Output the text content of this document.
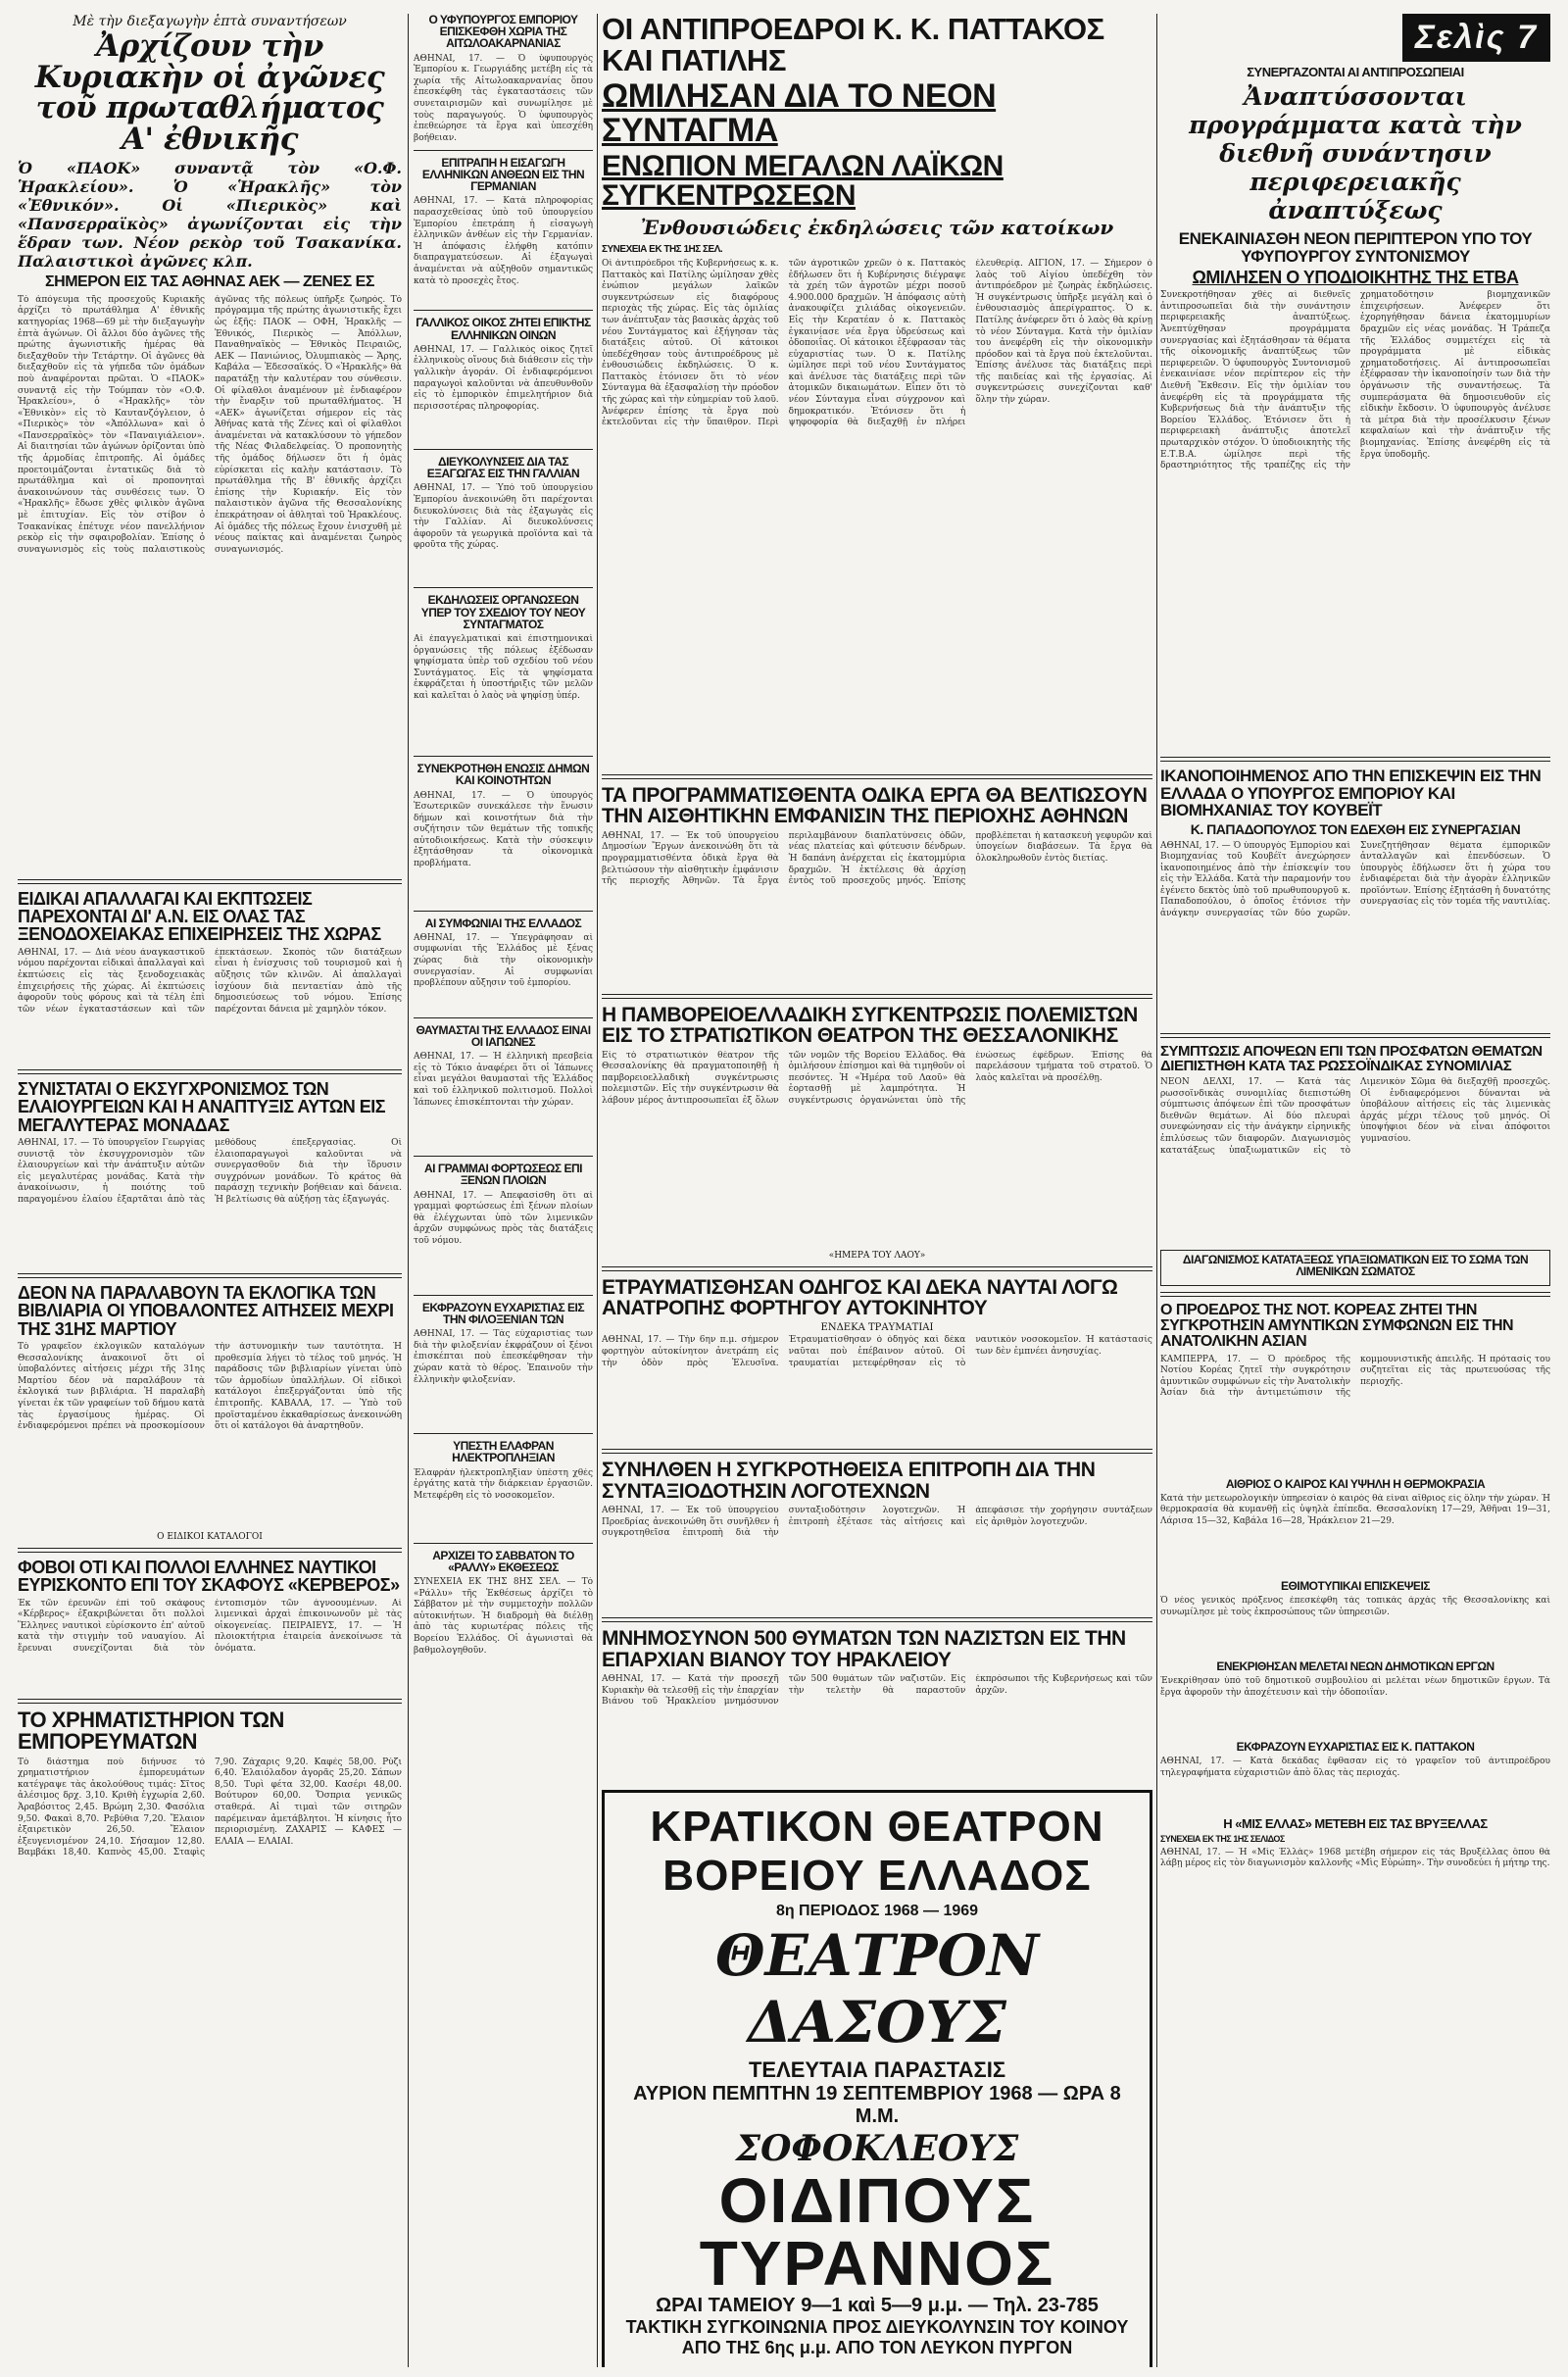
Μὲ τὴν διεξαγωγὴν ἑπτὰ συναντήσεων

Ἀρχίζουν τὴν Κυριακὴν οἱ ἀγῶνες τοῦ πρωταθλήματος Α' ἐθνικῆς
Ὁ «ΠΑΟΚ» συναντᾷ τὸν «Ο.Φ. Ἡρακλείου». Ὁ «Ἡρακλῆς» τὸν «Ἐθνικόν». Οἱ «Πιερικὸς» καὶ «Πανσερραϊκὸς» ἀγωνίζονται εἰς τὴν ἕδραν των. Νέον ρεκὸρ τοῦ Τσακανίκα. Παλαιστικοὶ ἀγῶνες κλπ.
ΣΗΜΕΡΟΝ ΕΙΣ ΤΑΣ ΑΘΗΝΑΣ ΑΕΚ — ΖΕΝΕΣ ΕΣ
Τὸ ἀπόγευμα τῆς προσεχοῦς Κυριακῆς ἀρχίζει τὸ πρωτάθλημα Α' ἐθνικῆς κατηγορίας 1968—69 μὲ τὴν διεξαγωγὴν ἑπτὰ ἀγώνων. Οἱ ἄλλοι δύο ἀγῶνες τῆς πρώτης ἀγωνιστικῆς ἡμέρας θὰ διεξαχθοῦν τὴν Τετάρτην. Οἱ ἀγῶνες θὰ διεξαχθοῦν εἰς τὰ γήπεδα τῶν ὁμάδων ποὺ ἀναφέρονται πρῶται. Ὁ «ΠΑΟΚ» συναντᾷ εἰς τὴν Τούμπαν τὸν «Ο.Φ. Ἡρακλείου», ὁ «Ἡρακλῆς» τὸν «Ἐθνικὸν» εἰς τὸ Καυτανζόγλειον, ὁ «Πιερικὸς» τὸν «Ἀπόλλωνα» καὶ ὁ «Πανσερραϊκὸς» τὸν «Παναιγιάλειον». Αἱ διαιτησίαι τῶν ἀγώνων ὁρίζονται ὑπὸ τῆς ἁρμοδίας ἐπιτροπῆς. Αἱ ὁμάδες προετοιμάζονται ἐντατικῶς διὰ τὸ πρωτάθλημα καὶ οἱ προπονηταὶ ἀνακοινώνουν τὰς συνθέσεις των. Ὁ «Ἡρακλῆς» ἔδωσε χθὲς φιλικὸν ἀγῶνα μὲ ἐπιτυχίαν. Εἰς τὸν στίβον ὁ Τσακανίκας ἐπέτυχε νέον πανελλήνιον ρεκὸρ εἰς τὴν σφαιροβολίαν. Ἐπίσης ὁ συναγωνισμὸς εἰς τοὺς παλαιστικοὺς ἀγῶνας τῆς πόλεως ὑπῆρξε ζωηρός. Τὸ πρόγραμμα τῆς πρώτης ἀγωνιστικῆς ἔχει ὡς ἑξῆς: ΠΑΟΚ — ΟΦΗ, Ἡρακλῆς — Ἐθνικός, Πιερικὸς — Ἀπόλλων, Παναθηναϊκὸς — Ἐθνικὸς Πειραιῶς, ΑΕΚ — Πανιώνιος, Ὀλυμπιακὸς — Ἄρης, Καβάλα — Ἐδεσσαϊκός. Ὁ «Ἡρακλῆς» θὰ παρατάξῃ τὴν καλυτέραν του σύνθεσιν. Οἱ φίλαθλοι ἀναμένουν μὲ ἐνδιαφέρον τὴν ἔναρξιν τοῦ πρωταθλήματος. Ἡ «ΑΕΚ» ἀγωνίζεται σήμερον εἰς τὰς Ἀθήνας κατὰ τῆς Ζένες καὶ οἱ φίλαθλοι ἀναμένεται νὰ κατακλύσουν τὸ γήπεδον τῆς Νέας Φιλαδελφείας. Ὁ προπονητὴς τῆς ὁμάδος δήλωσεν ὅτι ἡ ὁμὰς εὑρίσκεται εἰς καλὴν κατάστασιν. Τὸ πρωτάθλημα τῆς Β' ἐθνικῆς ἀρχίζει ἐπίσης τὴν Κυριακήν. Εἰς τὸν παλαιστικὸν ἀγῶνα τῆς Θεσσαλονίκης ἐπεκράτησαν οἱ ἀθληταὶ τοῦ Ἡρακλέους. Αἱ ὁμάδες τῆς πόλεως ἔχουν ἐνισχυθῆ μὲ νέους παίκτας καὶ ἀναμένεται ζωηρὸς συναγωνισμός.
ΕΙΔΙΚΑΙ ΑΠΑΛΛΑΓΑΙ ΚΑΙ ΕΚΠΤΩΣΕΙΣ ΠΑΡΕΧΟΝΤΑΙ ΔΙ' Α.Ν. ΕΙΣ ΟΛΑΣ ΤΑΣ ΞΕΝΟΔΟΧΕΙΑΚΑΣ ΕΠΙΧΕΙΡΗΣΕΙΣ ΤΗΣ ΧΩΡΑΣ
ΑΘΗΝΑΙ, 17. — Διὰ νέου ἀναγκαστικοῦ νόμου παρέχονται εἰδικαὶ ἀπαλλαγαὶ καὶ ἐκπτώσεις εἰς τὰς ξενοδοχειακὰς ἐπιχειρήσεις τῆς χώρας. Αἱ ἐκπτώσεις ἀφοροῦν τοὺς φόρους καὶ τὰ τέλη ἐπὶ τῶν νέων ἐγκαταστάσεων καὶ τῶν ἐπεκτάσεων. Σκοπὸς τῶν διατάξεων εἶναι ἡ ἐνίσχυσις τοῦ τουρισμοῦ καὶ ἡ αὔξησις τῶν κλινῶν. Αἱ ἀπαλλαγαὶ ἰσχύουν διὰ πενταετίαν ἀπὸ τῆς δημοσιεύσεως τοῦ νόμου. Ἐπίσης παρέχονται δάνεια μὲ χαμηλὸν τόκον.
ΣΥΝΙΣΤΑΤΑΙ Ο ΕΚΣΥΓΧΡΟΝΙΣΜΟΣ ΤΩΝ ΕΛΑΙΟΥΡΓΕΙΩΝ ΚΑΙ Η ΑΝΑΠΤΥΞΙΣ ΑΥΤΩΝ ΕΙΣ ΜΕΓΑΛΥΤΕΡΑΣ ΜΟΝΑΔΑΣ
ΑΘΗΝΑΙ, 17. — Τὸ ὑπουργεῖον Γεωργίας συνιστᾷ τὸν ἐκσυγχρονισμὸν τῶν ἐλαιουργείων καὶ τὴν ἀνάπτυξιν αὐτῶν εἰς μεγαλυτέρας μονάδας. Κατὰ τὴν ἀνακοίνωσιν, ἡ ποιότης τοῦ παραγομένου ἐλαίου ἐξαρτᾶται ἀπὸ τὰς μεθόδους ἐπεξεργασίας. Οἱ ἐλαιοπαραγωγοὶ καλοῦνται νὰ συνεργασθοῦν διὰ τὴν ἵδρυσιν συγχρόνων μονάδων. Τὸ κράτος θὰ παράσχῃ τεχνικὴν βοήθειαν καὶ δάνεια. Ἡ βελτίωσις θὰ αὐξήσῃ τὰς ἐξαγωγάς.
ΔΕΟΝ ΝΑ ΠΑΡΑΛΑΒΟΥΝ ΤΑ ΕΚΛΟΓΙΚΑ ΤΩΝ ΒΙΒΛΙΑΡΙΑ ΟΙ ΥΠΟΒΑΛΟΝΤΕΣ ΑΙΤΗΣΕΙΣ ΜΕΧΡΙ ΤΗΣ 31ΗΣ ΜΑΡΤΙΟΥ
Τὸ γραφεῖον ἐκλογικῶν καταλόγων Θεσσαλονίκης ἀνακοινοῖ ὅτι οἱ ὑποβαλόντες αἰτήσεις μέχρι τῆς 31ης Μαρτίου δέον νὰ παραλάβουν τὰ ἐκλογικά των βιβλιάρια. Ἡ παραλαβὴ γίνεται ἐκ τῶν γραφείων τοῦ δήμου κατὰ τὰς ἐργασίμους ἡμέρας. Οἱ ἐνδιαφερόμενοι πρέπει νὰ προσκομίσουν τὴν ἀστυνομικήν των ταυτότητα. Ἡ προθεσμία λήγει τὸ τέλος τοῦ μηνός. Ἡ παράδοσις τῶν βιβλιαρίων γίνεται ὑπὸ τῶν ἁρμοδίων ὑπαλλήλων. Οἱ εἰδικοὶ κατάλογοι ἐπεξεργάζονται ὑπὸ τῆς ἐπιτροπῆς. ΚΑΒΑΛΑ, 17. — Ὑπὸ τοῦ προϊσταμένου ἐκκαθαρίσεως ἀνεκοινώθη ὅτι οἱ κατάλογοι θὰ ἀναρτηθοῦν.
Ο ΕΙΔΙΚΟΙ ΚΑΤΑΛΟΓΟΙ
ΦΟΒΟΙ ΟΤΙ ΚΑΙ ΠΟΛΛΟΙ ΕΛΛΗΝΕΣ ΝΑΥΤΙΚΟΙ ΕΥΡΙΣΚΟΝΤΟ ΕΠΙ ΤΟΥ ΣΚΑΦΟΥΣ «ΚΕΡΒΕΡΟΣ»
Ἐκ τῶν ἐρευνῶν ἐπὶ τοῦ σκάφους «Κέρβερος» ἐξακριβώνεται ὅτι πολλοὶ Ἕλληνες ναυτικοὶ εὑρίσκοντο ἐπ' αὐτοῦ κατὰ τὴν στιγμὴν τοῦ ναυαγίου. Αἱ ἔρευναι συνεχίζονται διὰ τὸν ἐντοπισμὸν τῶν ἀγνοουμένων. Αἱ λιμενικαὶ ἀρχαὶ ἐπικοινωνοῦν μὲ τὰς οἰκογενείας. ΠΕΙΡΑΙΕΥΣ, 17. — Ἡ πλοιοκτήτρια ἑταιρεία ἀνεκοίνωσε τὰ ὀνόματα.
ΤΟ ΧΡΗΜΑΤΙΣΤΗΡΙΟΝ ΤΩΝ ΕΜΠΟΡΕΥΜΑΤΩΝ
Τὸ διάστημα ποὺ διήνυσε τὸ χρηματιστήριον ἐμπορευμάτων κατέγραψε τὰς ἀκολούθους τιμάς: Σῖτος ἀλέσιμος δρχ. 3,10. Κριθὴ ἐγχωρία 2,60. Ἀραβόσιτος 2,45. Βρώμη 2,30. Φασόλια 9,50. Φακαὶ 8,70. Ρεβύθια 7,20. Ἔλαιον ἐξαιρετικὸν 26,50. Ἔλαιον ἐξευγενισμένον 24,10. Σήσαμον 12,80. Βαμβάκι 18,40. Καπνὸς 45,00. Σταφὶς 7,90. Ζάχαρις 9,20. Καφὲς 58,00. Ρύζι 6,40. Ἐλαιόλαδον ἀγορᾶς 25,20. Σάπων 8,50. Τυρὶ φέτα 32,00. Κασέρι 48,00. Βούτυρον 60,00. Ὄσπρια γενικῶς σταθερά. Αἱ τιμαὶ τῶν σιτηρῶν παρέμειναν ἀμετάβλητοι. Ἡ κίνησις ἦτο περιορισμένη. ΖΑΧΑΡΙΣ — ΚΑΦΕΣ — ΕΛΑΙΑ — ΕΛΑΙΑΙ.
Ο ΥΦΥΠΟΥΡΓΟΣ ΕΜΠΟΡΙΟΥ ΕΠΙΣΚΕΦΘΗ ΧΩΡΙΑ ΤΗΣ ΑΙΤΩΛΟΑΚΑΡΝΑΝΙΑΣ
ΑΘΗΝΑΙ, 17. — Ὁ ὑφυπουργὸς Ἐμπορίου κ. Γεωργιάδης μετέβη εἰς τὰ χωρία τῆς Αἰτωλοακαρνανίας ὅπου ἐπεσκέφθη τὰς ἐγκαταστάσεις τῶν συνεταιρισμῶν καὶ συνωμίλησε μὲ τοὺς παραγωγούς. Ὁ ὑφυπουργὸς ἐπεθεώρησε τὰ ἔργα καὶ ὑπεσχέθη βοήθειαν.
ΕΠΙΤΡΑΠΗ Η ΕΙΣΑΓΩΓΗ ΕΛΛΗΝΙΚΩΝ ΑΝΘΕΩΝ ΕΙΣ ΤΗΝ ΓΕΡΜΑΝΙΑΝ
ΑΘΗΝΑΙ, 17. — Κατὰ πληροφορίας παρασχεθείσας ὑπὸ τοῦ ὑπουργείου Ἐμπορίου ἐπετράπη ἡ εἰσαγωγὴ ἑλληνικῶν ἀνθέων εἰς τὴν Γερμανίαν. Ἡ ἀπόφασις ἐλήφθη κατόπιν διαπραγματεύσεων. Αἱ ἐξαγωγαὶ ἀναμένεται νὰ αὐξηθοῦν σημαντικῶς κατὰ τὸ προσεχὲς ἔτος.
ΓΑΛΛΙΚΟΣ ΟΙΚΟΣ ΖΗΤΕΙ ΕΠΙΚΤΗΣ ΕΛΛΗΝΙΚΩΝ ΟΙΝΩΝ
ΑΘΗΝΑΙ, 17. — Γαλλικὸς οἶκος ζητεῖ ἑλληνικοὺς οἴνους διὰ διάθεσιν εἰς τὴν γαλλικὴν ἀγοράν. Οἱ ἐνδιαφερόμενοι παραγωγοὶ καλοῦνται νὰ ἀπευθυνθοῦν εἰς τὸ ἐμπορικὸν ἐπιμελητήριον διὰ περισσοτέρας πληροφορίας.
ΔΙΕΥΚΟΛΥΝΣΕΙΣ ΔΙΑ ΤΑΣ ΕΞΑΓΩΓΑΣ ΕΙΣ ΤΗΝ ΓΑΛΛΙΑΝ
ΑΘΗΝΑΙ, 17. — Ὑπὸ τοῦ ὑπουργείου Ἐμπορίου ἀνεκοινώθη ὅτι παρέχονται διευκολύνσεις διὰ τὰς ἐξαγωγὰς εἰς τὴν Γαλλίαν. Αἱ διευκολύνσεις ἀφοροῦν τὰ γεωργικὰ προϊόντα καὶ τὰ φροῦτα τῆς χώρας.
ΕΚΔΗΛΩΣΕΙΣ ΟΡΓΑΝΩΣΕΩΝ ΥΠΕΡ ΤΟΥ ΣΧΕΔΙΟΥ ΤΟΥ ΝΕΟΥ ΣΥΝΤΑΓΜΑΤΟΣ
Αἱ ἐπαγγελματικαὶ καὶ ἐπιστημονικαὶ ὀργανώσεις τῆς πόλεως ἐξέδωσαν ψηφίσματα ὑπὲρ τοῦ σχεδίου τοῦ νέου Συντάγματος. Εἰς τὰ ψηφίσματα ἐκφράζεται ἡ ὑποστήριξις τῶν μελῶν καὶ καλεῖται ὁ λαὸς νὰ ψηφίσῃ ὑπέρ.
ΣΥΝΕΚΡΟΤΗΘΗ ΕΝΩΣΙΣ ΔΗΜΩΝ ΚΑΙ ΚΟΙΝΟΤΗΤΩΝ
ΑΘΗΝΑΙ, 17. — Ὁ ὑπουργὸς Ἐσωτερικῶν συνεκάλεσε τὴν ἕνωσιν δήμων καὶ κοινοτήτων διὰ τὴν συζήτησιν τῶν θεμάτων τῆς τοπικῆς αὐτοδιοικήσεως. Κατὰ τὴν σύσκεψιν ἐξητάσθησαν τὰ οἰκονομικὰ προβλήματα.
ΑΙ ΣΥΜΦΩΝΙΑΙ ΤΗΣ ΕΛΛΑΔΟΣ
ΑΘΗΝΑΙ, 17. — Ὑπεγράφησαν αἱ συμφωνίαι τῆς Ἑλλάδος μὲ ξένας χώρας διὰ τὴν οἰκονομικὴν συνεργασίαν. Αἱ συμφωνίαι προβλέπουν αὔξησιν τοῦ ἐμπορίου.
ΘΑΥΜΑΣΤΑΙ ΤΗΣ ΕΛΛΑΔΟΣ ΕΙΝΑΙ ΟΙ ΙΑΠΩΝΕΣ
ΑΘΗΝΑΙ, 17. — Ἡ ἑλληνικὴ πρεσβεία εἰς τὸ Τόκιο ἀναφέρει ὅτι οἱ Ἰάπωνες εἶναι μεγάλοι θαυμασταὶ τῆς Ἑλλάδος καὶ τοῦ ἑλληνικοῦ πολιτισμοῦ. Πολλοὶ Ἰάπωνες ἐπισκέπτονται τὴν χώραν.
ΑΙ ΓΡΑΜΜΑΙ ΦΟΡΤΩΣΕΩΣ ΕΠΙ ΞΕΝΩΝ ΠΛΟΙΩΝ
ΑΘΗΝΑΙ, 17. — Ἀπεφασίσθη ὅτι αἱ γραμμαὶ φορτώσεως ἐπὶ ξένων πλοίων θὰ ἐλέγχωνται ὑπὸ τῶν λιμενικῶν ἀρχῶν συμφώνως πρὸς τὰς διατάξεις τοῦ νόμου.
ΕΚΦΡΑΖΟΥΝ ΕΥΧΑΡΙΣΤΙΑΣ ΕΙΣ ΤΗΝ ΦΙΛΟΞΕΝΙΑΝ ΤΩΝ
ΑΘΗΝΑΙ, 17. — Τὰς εὐχαριστίας των διὰ τὴν φιλοξενίαν ἐκφράζουν οἱ ξένοι ἐπισκέπται ποὺ ἐπεσκέφθησαν τὴν χώραν κατὰ τὸ θέρος. Ἐπαινοῦν τὴν ἑλληνικὴν φιλοξενίαν.
ΥΠΕΣΤΗ ΕΛΑΦΡΑΝ ΗΛΕΚΤΡΟΠΛΗΞΙΑΝ
Ἐλαφρὰν ἠλεκτροπληξίαν ὑπέστη χθὲς ἐργάτης κατὰ τὴν διάρκειαν ἐργασιῶν. Μετεφέρθη εἰς τὸ νοσοκομεῖον.
ΑΡΧΙΖΕΙ ΤΟ ΣΑΒΒΑΤΟΝ ΤΟ «ΡΑΛΛΥ» ΕΚΘΕΣΕΩΣ
ΣΥΝΕΧΕΙΑ ΕΚ ΤΗΣ 8ΗΣ ΣΕΛ. — Τὸ «Ράλλυ» τῆς Ἐκθέσεως ἀρχίζει τὸ Σάββατον μὲ τὴν συμμετοχὴν πολλῶν αὐτοκινήτων. Ἡ διαδρομὴ θὰ διέλθῃ ἀπὸ τὰς κυριωτέρας πόλεις τῆς Βορείου Ἑλλάδος. Οἱ ἀγωνισταὶ θὰ βαθμολογηθοῦν.
ΟΙ ΑΝΤΙΠΡΟΕΔΡΟΙ Κ. Κ. ΠΑΤΤΑΚΟΣ ΚΑΙ ΠΑΤΙΛΗΣ
ΩΜΙΛΗΣΑΝ ΔΙΑ ΤΟ ΝΕΟΝ ΣΥΝΤΑΓΜΑ
ΕΝΩΠΙΟΝ ΜΕΓΑΛΩΝ ΛΑΪΚΩΝ ΣΥΓΚΕΝΤΡΩΣΕΩΝ
Ἐνθουσιώδεις ἐκδηλώσεις τῶν κατοίκων
ΣΥΝΕΧΕΙΑ ΕΚ ΤΗΣ 1ΗΣ ΣΕΛ.
Οἱ ἀντιπρόεδροι τῆς Κυβερνήσεως κ. κ. Παττακὸς καὶ Πατίλης ὡμίλησαν χθὲς ἐνώπιον μεγάλων λαϊκῶν συγκεντρώσεων εἰς διαφόρους περιοχὰς τῆς χώρας. Εἰς τὰς ὁμιλίας των ἀνέπτυξαν τὰς βασικὰς ἀρχὰς τοῦ νέου Συντάγματος καὶ ἐξήγησαν τὰς διατάξεις αὐτοῦ. Οἱ κάτοικοι ὑπεδέχθησαν τοὺς ἀντιπροέδρους μὲ ἐνθουσιώδεις ἐκδηλώσεις. Ὁ κ. Παττακὸς ἐτόνισεν ὅτι τὸ νέον Σύνταγμα θὰ ἐξασφαλίσῃ τὴν πρόοδον τῆς χώρας καὶ τὴν εὐημερίαν τοῦ λαοῦ. Ἀνέφερεν ἐπίσης τὰ ἔργα ποὺ ἐκτελοῦνται εἰς τὴν ὕπαιθρον. Περὶ τῶν ἀγροτικῶν χρεῶν ὁ κ. Παττακὸς ἐδήλωσεν ὅτι ἡ Κυβέρνησις διέγραψε τὰ χρέη τῶν ἀγροτῶν μέχρι ποσοῦ 4.900.000 δραχμῶν. Ἡ ἀπόφασις αὐτὴ ἀνακουφίζει χιλιάδας οἰκογενειῶν. Εἰς τὴν Κερατέαν ὁ κ. Παττακὸς ἐγκαινίασε νέα ἔργα ὑδρεύσεως καὶ ὁδοποιΐας. Οἱ κάτοικοι ἐξέφρασαν τὰς εὐχαριστίας των. Ὁ κ. Πατίλης ὡμίλησε περὶ τοῦ νέου Συντάγματος καὶ ἀνέλυσε τὰς διατάξεις περὶ τῶν ἀτομικῶν δικαιωμάτων. Εἶπεν ὅτι τὸ νέον Σύνταγμα εἶναι σύγχρονον καὶ δημοκρατικόν. Ἐτόνισεν ὅτι ἡ ψηφοφορία θὰ διεξαχθῇ ἐν πλήρει ἐλευθερίᾳ. ΑΙΓΙΟΝ, 17. — Σήμερον ὁ λαὸς τοῦ Αἰγίου ὑπεδέχθη τὸν ἀντιπρόεδρον μὲ ζωηρὰς ἐκδηλώσεις. Ἡ συγκέντρωσις ὑπῆρξε μεγάλη καὶ ὁ ἐνθουσιασμὸς ἀπερίγραπτος. Ὁ κ. Πατίλης ἀνέφερεν ὅτι ὁ λαὸς θὰ κρίνῃ τὸ νέον Σύνταγμα. Κατὰ τὴν ὁμιλίαν του ἀνεφέρθη εἰς τὴν οἰκονομικὴν πρόοδον καὶ τὰ ἔργα ποὺ ἐκτελοῦνται. Ἐπίσης ἀνέλυσε τὰς διατάξεις περὶ τῆς παιδείας καὶ τῆς ἐργασίας. Αἱ συγκεντρώσεις συνεχίζονται καθ' ὅλην τὴν χώραν.
ΤΑ ΠΡΟΓΡΑΜΜΑΤΙΣΘΕΝΤΑ ΟΔΙΚΑ ΕΡΓΑ ΘΑ ΒΕΛΤΙΩΣΟΥΝ ΤΗΝ ΑΙΣΘΗΤΙΚΗΝ ΕΜΦΑΝΙΣΙΝ ΤΗΣ ΠΕΡΙΟΧΗΣ ΑΘΗΝΩΝ
ΑΘΗΝΑΙ, 17. — Ἐκ τοῦ ὑπουργείου Δημοσίων Ἔργων ἀνεκοινώθη ὅτι τὰ προγραμματισθέντα ὁδικὰ ἔργα θὰ βελτιώσουν τὴν αἰσθητικὴν ἐμφάνισιν τῆς περιοχῆς Ἀθηνῶν. Τὰ ἔργα περιλαμβάνουν διαπλατύνσεις ὁδῶν, νέας πλατείας καὶ φύτευσιν δένδρων. Ἡ δαπάνη ἀνέρχεται εἰς ἑκατομμύρια δραχμῶν. Ἡ ἐκτέλεσις θὰ ἀρχίσῃ ἐντὸς τοῦ προσεχοῦς μηνός. Ἐπίσης προβλέπεται ἡ κατασκευὴ γεφυρῶν καὶ ὑπογείων διαβάσεων. Τὰ ἔργα θὰ ὁλοκληρωθοῦν ἐντὸς διετίας.
Η ΠΑΜΒΟΡΕΙΟΕΛΛΑΔΙΚΗ ΣΥΓΚΕΝΤΡΩΣΙΣ ΠΟΛΕΜΙΣΤΩΝ ΕΙΣ ΤΟ ΣΤΡΑΤΙΩΤΙΚΟΝ ΘΕΑΤΡΟΝ ΤΗΣ ΘΕΣΣΑΛΟΝΙΚΗΣ
Εἰς τὸ στρατιωτικὸν θέατρον τῆς Θεσσαλονίκης θὰ πραγματοποιηθῇ ἡ παμβορειοελλαδικὴ συγκέντρωσις πολεμιστῶν. Εἰς τὴν συγκέντρωσιν θὰ λάβουν μέρος ἀντιπροσωπεῖαι ἐξ ὅλων τῶν νομῶν τῆς Βορείου Ἑλλάδος. Θὰ ὁμιλήσουν ἐπίσημοι καὶ θὰ τιμηθοῦν οἱ πεσόντες. Ἡ «Ἡμέρα τοῦ Λαοῦ» θὰ ἑορτασθῇ μὲ λαμπρότητα. Ἡ συγκέντρωσις ὀργανώνεται ὑπὸ τῆς ἑνώσεως ἐφέδρων. Ἐπίσης θὰ παρελάσουν τμήματα τοῦ στρατοῦ. Ὁ λαὸς καλεῖται νὰ προσέλθῃ.
«ΗΜΕΡΑ ΤΟΥ ΛΑΟΥ»
ΕΤΡΑΥΜΑΤΙΣΘΗΣΑΝ ΟΔΗΓΟΣ ΚΑΙ ΔΕΚΑ ΝΑΥΤΑΙ ΛΟΓΩ ΑΝΑΤΡΟΠΗΣ ΦΟΡΤΗΓΟΥ ΑΥΤΟΚΙΝΗΤΟΥ
ΕΝΔΕΚΑ ΤΡΑΥΜΑΤΙΑΙ
ΑΘΗΝΑΙ, 17. — Τὴν 6ην π.μ. σήμερον φορτηγὸν αὐτοκίνητον ἀνετράπη εἰς τὴν ὁδὸν πρὸς Ἐλευσῖνα. Ἐτραυματίσθησαν ὁ ὁδηγὸς καὶ δέκα ναῦται ποὺ ἐπέβαινον αὐτοῦ. Οἱ τραυματίαι μετεφέρθησαν εἰς τὸ ναυτικὸν νοσοκομεῖον. Ἡ κατάστασίς των δὲν ἐμπνέει ἀνησυχίας.
ΣΥΝΗΛΘΕΝ Η ΣΥΓΚΡΟΤΗΘΕΙΣΑ ΕΠΙΤΡΟΠΗ ΔΙΑ ΤΗΝ ΣΥΝΤΑΞΙΟΔΟΤΗΣΙΝ ΛΟΓΟΤΕΧΝΩΝ
ΑΘΗΝΑΙ, 17. — Ἐκ τοῦ ὑπουργείου Προεδρίας ἀνεκοινώθη ὅτι συνῆλθεν ἡ συγκροτηθεῖσα ἐπιτροπὴ διὰ τὴν συνταξιοδότησιν λογοτεχνῶν. Ἡ ἐπιτροπὴ ἐξέτασε τὰς αἰτήσεις καὶ ἀπεφάσισε τὴν χορήγησιν συντάξεων εἰς ἀριθμὸν λογοτεχνῶν.
ΜΝΗΜΟΣΥΝΟΝ 500 ΘΥΜΑΤΩΝ ΤΩΝ ΝΑΖΙΣΤΩΝ ΕΙΣ ΤΗΝ ΕΠΑΡΧΙΑΝ ΒΙΑΝΟΥ ΤΟΥ ΗΡΑΚΛΕΙΟΥ
ΑΘΗΝΑΙ, 17. — Κατὰ τὴν προσεχῆ Κυριακὴν θὰ τελεσθῇ εἰς τὴν ἐπαρχίαν Βιάνου τοῦ Ἡρακλείου μνημόσυνον τῶν 500 θυμάτων τῶν ναζιστῶν. Εἰς τὴν τελετὴν θὰ παραστοῦν ἐκπρόσωποι τῆς Κυβερνήσεως καὶ τῶν ἀρχῶν.
ΚΡΑΤΙΚΟΝ ΘΕΑΤΡΟΝ ΒΟΡΕΙΟΥ ΕΛΛΑΔΟΣ
8η ΠΕΡΙΟΔΟΣ 1968 — 1969
ΘΕΑΤΡΟΝ ΔΑΣΟΥΣ
ΤΕΛΕΥΤΑΙΑ ΠΑΡΑΣΤΑΣΙΣ
ΑΥΡΙΟΝ ΠΕΜΠΤΗΝ 19 ΣΕΠΤΕΜΒΡΙΟΥ 1968 — ΩΡΑ 8 Μ.Μ.
ΣΟΦΟΚΛΕΟΥΣ
ΟΙΔΙΠΟΥΣ ΤΥΡΑΝΝΟΣ
ΩΡΑΙ ΤΑΜΕΙΟΥ 9—1 καὶ 5—9 μ.μ. — Τηλ. 23-785
ΤΑΚΤΙΚΗ ΣΥΓΚΟΙΝΩΝΙΑ ΠΡΟΣ ΔΙΕΥΚΟΛΥΝΣΙΝ ΤΟΥ ΚΟΙΝΟΥ
ΑΠΟ ΤΗΣ 6ης μ.μ. ΑΠΟ ΤΟΝ ΛΕΥΚΟΝ ΠΥΡΓΟΝ
Σελὶς 7
ΣΥΝΕΡΓΑΖΟΝΤΑΙ ΑΙ ΑΝΤΙΠΡΟΣΩΠΕΙΑΙ
Ἀναπτύσσονται προγράμματα κατὰ τὴν διεθνῆ συνάντησιν περιφερειακῆς ἀναπτύξεως
ΕΝΕΚΑΙΝΙΑΣΘΗ ΝΕΟΝ ΠΕΡΙΠΤΕΡΟΝ ΥΠΟ ΤΟΥ ΥΦΥΠΟΥΡΓΟΥ ΣΥΝΤΟΝΙΣΜΟΥ
ΩΜΙΛΗΣΕΝ Ο ΥΠΟΔΙΟΙΚΗΤΗΣ ΤΗΣ ΕΤΒΑ
Συνεκροτήθησαν χθὲς αἱ διεθνεῖς ἀντιπροσωπεῖαι διὰ τὴν συνάντησιν περιφερειακῆς ἀναπτύξεως. Ἀνεπτύχθησαν προγράμματα συνεργασίας καὶ ἐξητάσθησαν τὰ θέματα τῆς οἰκονομικῆς ἀναπτύξεως τῶν περιφερειῶν. Ὁ ὑφυπουργὸς Συντονισμοῦ ἐνεκαινίασε νέον περίπτερον εἰς τὴν Διεθνῆ Ἔκθεσιν. Εἰς τὴν ὁμιλίαν του ἀνεφέρθη εἰς τὰ προγράμματα τῆς Κυβερνήσεως διὰ τὴν ἀνάπτυξιν τῆς Βορείου Ἑλλάδος. Ἐτόνισεν ὅτι ἡ περιφερειακὴ ἀνάπτυξις ἀποτελεῖ πρωταρχικὸν στόχον. Ὁ ὑποδιοικητὴς τῆς Ε.Τ.Β.Α. ὡμίλησε περὶ τῆς δραστηριότητος τῆς τραπέζης εἰς τὴν χρηματοδότησιν βιομηχανικῶν ἐπιχειρήσεων. Ἀνέφερεν ὅτι ἐχορηγήθησαν δάνεια ἑκατομμυρίων δραχμῶν εἰς νέας μονάδας. Ἡ Τράπεζα τῆς Ἑλλάδος συμμετέχει εἰς τὰ προγράμματα μὲ εἰδικὰς χρηματοδοτήσεις. Αἱ ἀντιπροσωπεῖαι ἐξέφρασαν τὴν ἱκανοποίησίν των διὰ τὴν ὀργάνωσιν τῆς συναντήσεως. Τὰ συμπεράσματα θὰ δημοσιευθοῦν εἰς εἰδικὴν ἔκδοσιν. Ὁ ὑφυπουργὸς ἀνέλυσε τὰ μέτρα διὰ τὴν προσέλκυσιν ξένων κεφαλαίων καὶ τὴν ἀνάπτυξιν τῆς βιομηχανίας. Ἐπίσης ἀνεφέρθη εἰς τὰ ἔργα ὑποδομῆς.
ΙΚΑΝΟΠΟΙΗΜΕΝΟΣ ΑΠΟ ΤΗΝ ΕΠΙΣΚΕΨΙΝ ΕΙΣ ΤΗΝ ΕΛΛΑΔΑ Ο ΥΠΟΥΡΓΟΣ ΕΜΠΟΡΙΟΥ ΚΑΙ ΒΙΟΜΗΧΑΝΙΑΣ ΤΟΥ ΚΟΥΒΕΪΤ
Κ. ΠΑΠΑΔΟΠΟΥΛΟΣ ΤΟΝ ΕΔΕΧΘΗ ΕΙΣ ΣΥΝΕΡΓΑΣΙΑΝ
ΑΘΗΝΑΙ, 17. — Ὁ ὑπουργὸς Ἐμπορίου καὶ Βιομηχανίας τοῦ Κουβέϊτ ἀνεχώρησεν ἱκανοποιημένος ἀπὸ τὴν ἐπίσκεψίν του εἰς τὴν Ἑλλάδα. Κατὰ τὴν παραμονήν του ἐγένετο δεκτὸς ὑπὸ τοῦ πρωθυπουργοῦ κ. Παπαδοπούλου, ὁ ὁποῖος ἐτόνισε τὴν ἀνάγκην συνεργασίας τῶν δύο χωρῶν. Συνεζητήθησαν θέματα ἐμπορικῶν ἀνταλλαγῶν καὶ ἐπενδύσεων. Ὁ ὑπουργὸς ἐδήλωσεν ὅτι ἡ χώρα του ἐνδιαφέρεται διὰ τὴν ἀγορὰν ἑλληνικῶν προϊόντων. Ἐπίσης ἐξητάσθη ἡ δυνατότης συνεργασίας εἰς τὸν τομέα τῆς ναυτιλίας.
ΣΥΜΠΤΩΣΙΣ ΑΠΟΨΕΩΝ ΕΠΙ ΤΩΝ ΠΡΟΣΦΑΤΩΝ ΘΕΜΑΤΩΝ ΔΙΕΠΙΣΤΗΘΗ ΚΑΤΑ ΤΑΣ ΡΩΣΣΟΪΝΔΙΚΑΣ ΣΥΝΟΜΙΛΙΑΣ
ΝΕΟΝ ΔΕΛΧΙ, 17. — Κατὰ τὰς ρωσσοϊνδικὰς συνομιλίας διεπιστώθη σύμπτωσις ἀπόψεων ἐπὶ τῶν προσφάτων διεθνῶν θεμάτων. Αἱ δύο πλευραὶ συνεφώνησαν εἰς τὴν ἀνάγκην εἰρηνικῆς ἐπιλύσεως τῶν διαφορῶν. Διαγωνισμὸς κατατάξεως ὑπαξιωματικῶν εἰς τὸ Λιμενικὸν Σῶμα θὰ διεξαχθῇ προσεχῶς. Οἱ ἐνδιαφερόμενοι δύνανται νὰ ὑποβάλουν αἰτήσεις εἰς τὰς λιμενικὰς ἀρχάς μέχρι τέλους τοῦ μηνός. Οἱ ὑποψήφιοι δέον νὰ εἶναι ἀπόφοιτοι γυμνασίου.
ΔΙΑΓΩΝΙΣΜΟΣ ΚΑΤΑΤΑΞΕΩΣ ΥΠΑΞΙΩΜΑΤΙΚΩΝ ΕΙΣ ΤΟ ΣΩΜΑ ΤΩΝ ΛΙΜΕΝΙΚΩΝ ΣΩΜΑΤΟΣ
Ο ΠΡΟΕΔΡΟΣ ΤΗΣ ΝΟΤ. ΚΟΡΕΑΣ ΖΗΤΕΙ ΤΗΝ ΣΥΓΚΡΟΤΗΣΙΝ ΑΜΥΝΤΙΚΩΝ ΣΥΜΦΩΝΩΝ ΕΙΣ ΤΗΝ ΑΝΑΤΟΛΙΚΗΝ ΑΣΙΑΝ
ΚΑΜΠΕΡΡΑ, 17. — Ὁ πρόεδρος τῆς Νοτίου Κορέας ζητεῖ τὴν συγκρότησιν ἀμυντικῶν συμφώνων εἰς τὴν Ἀνατολικὴν Ἀσίαν διὰ τὴν ἀντιμετώπισιν τῆς κομμουνιστικῆς ἀπειλῆς. Ἡ πρότασίς του συζητεῖται εἰς τὰς πρωτευούσας τῆς περιοχῆς.
ΑΙΘΡΙΟΣ Ο ΚΑΙΡΟΣ ΚΑΙ ΥΨΗΛΗ Η ΘΕΡΜΟΚΡΑΣΙΑ
Κατὰ τὴν μετεωρολογικὴν ὑπηρεσίαν ὁ καιρὸς θὰ εἶναι αἴθριος εἰς ὅλην τὴν χώραν. Ἡ θερμοκρασία θὰ κυμανθῇ εἰς ὑψηλὰ ἐπίπεδα. Θεσσαλονίκη 17—29, Ἀθῆναι 19—31, Λάρισα 15—32, Καβάλα 16—28, Ἡράκλειον 21—29.
ΕΘΙΜΟΤΥΠΙΚΑΙ ΕΠΙΣΚΕΨΕΙΣ
Ὁ νέος γενικὸς πρόξενος ἐπεσκέφθη τὰς τοπικὰς ἀρχὰς τῆς Θεσσαλονίκης καὶ συνωμίλησε μὲ τοὺς ἐκπροσώπους τῶν ὑπηρεσιῶν.
ΕΝΕΚΡΙΘΗΣΑΝ ΜΕΛΕΤΑΙ ΝΕΩΝ ΔΗΜΟΤΙΚΩΝ ΕΡΓΩΝ
Ἐνεκρίθησαν ὑπὸ τοῦ δημοτικοῦ συμβουλίου αἱ μελέται νέων δημοτικῶν ἔργων. Τὰ ἔργα ἀφοροῦν τὴν ἀποχέτευσιν καὶ τὴν ὁδοποιΐαν.
ΕΚΦΡΑΖΟΥΝ ΕΥΧΑΡΙΣΤΙΑΣ ΕΙΣ Κ. ΠΑΤΤΑΚΟΝ
ΑΘΗΝΑΙ, 17. — Κατὰ δεκάδας ἔφθασαν εἰς τὸ γραφεῖον τοῦ ἀντιπροέδρου τηλεγραφήματα εὐχαριστιῶν ἀπὸ ὅλας τὰς περιοχάς.
Η «ΜΙΣ ΕΛΛΑΣ» ΜΕΤΕΒΗ ΕΙΣ ΤΑΣ ΒΡΥΞΕΛΛΑΣ
ΣΥΝΕΧΕΙΑ ΕΚ ΤΗΣ 1ΗΣ ΣΕΛΙΔΟΣ
ΑΘΗΝΑΙ, 17. — Ἡ «Μὶς Ἑλλὰς» 1968 μετέβη σήμερον εἰς τὰς Βρυξέλλας ὅπου θὰ λάβῃ μέρος εἰς τὸν διαγωνισμὸν καλλονῆς «Μὶς Εὐρώπη». Τὴν συνοδεύει ἡ μήτηρ της.
